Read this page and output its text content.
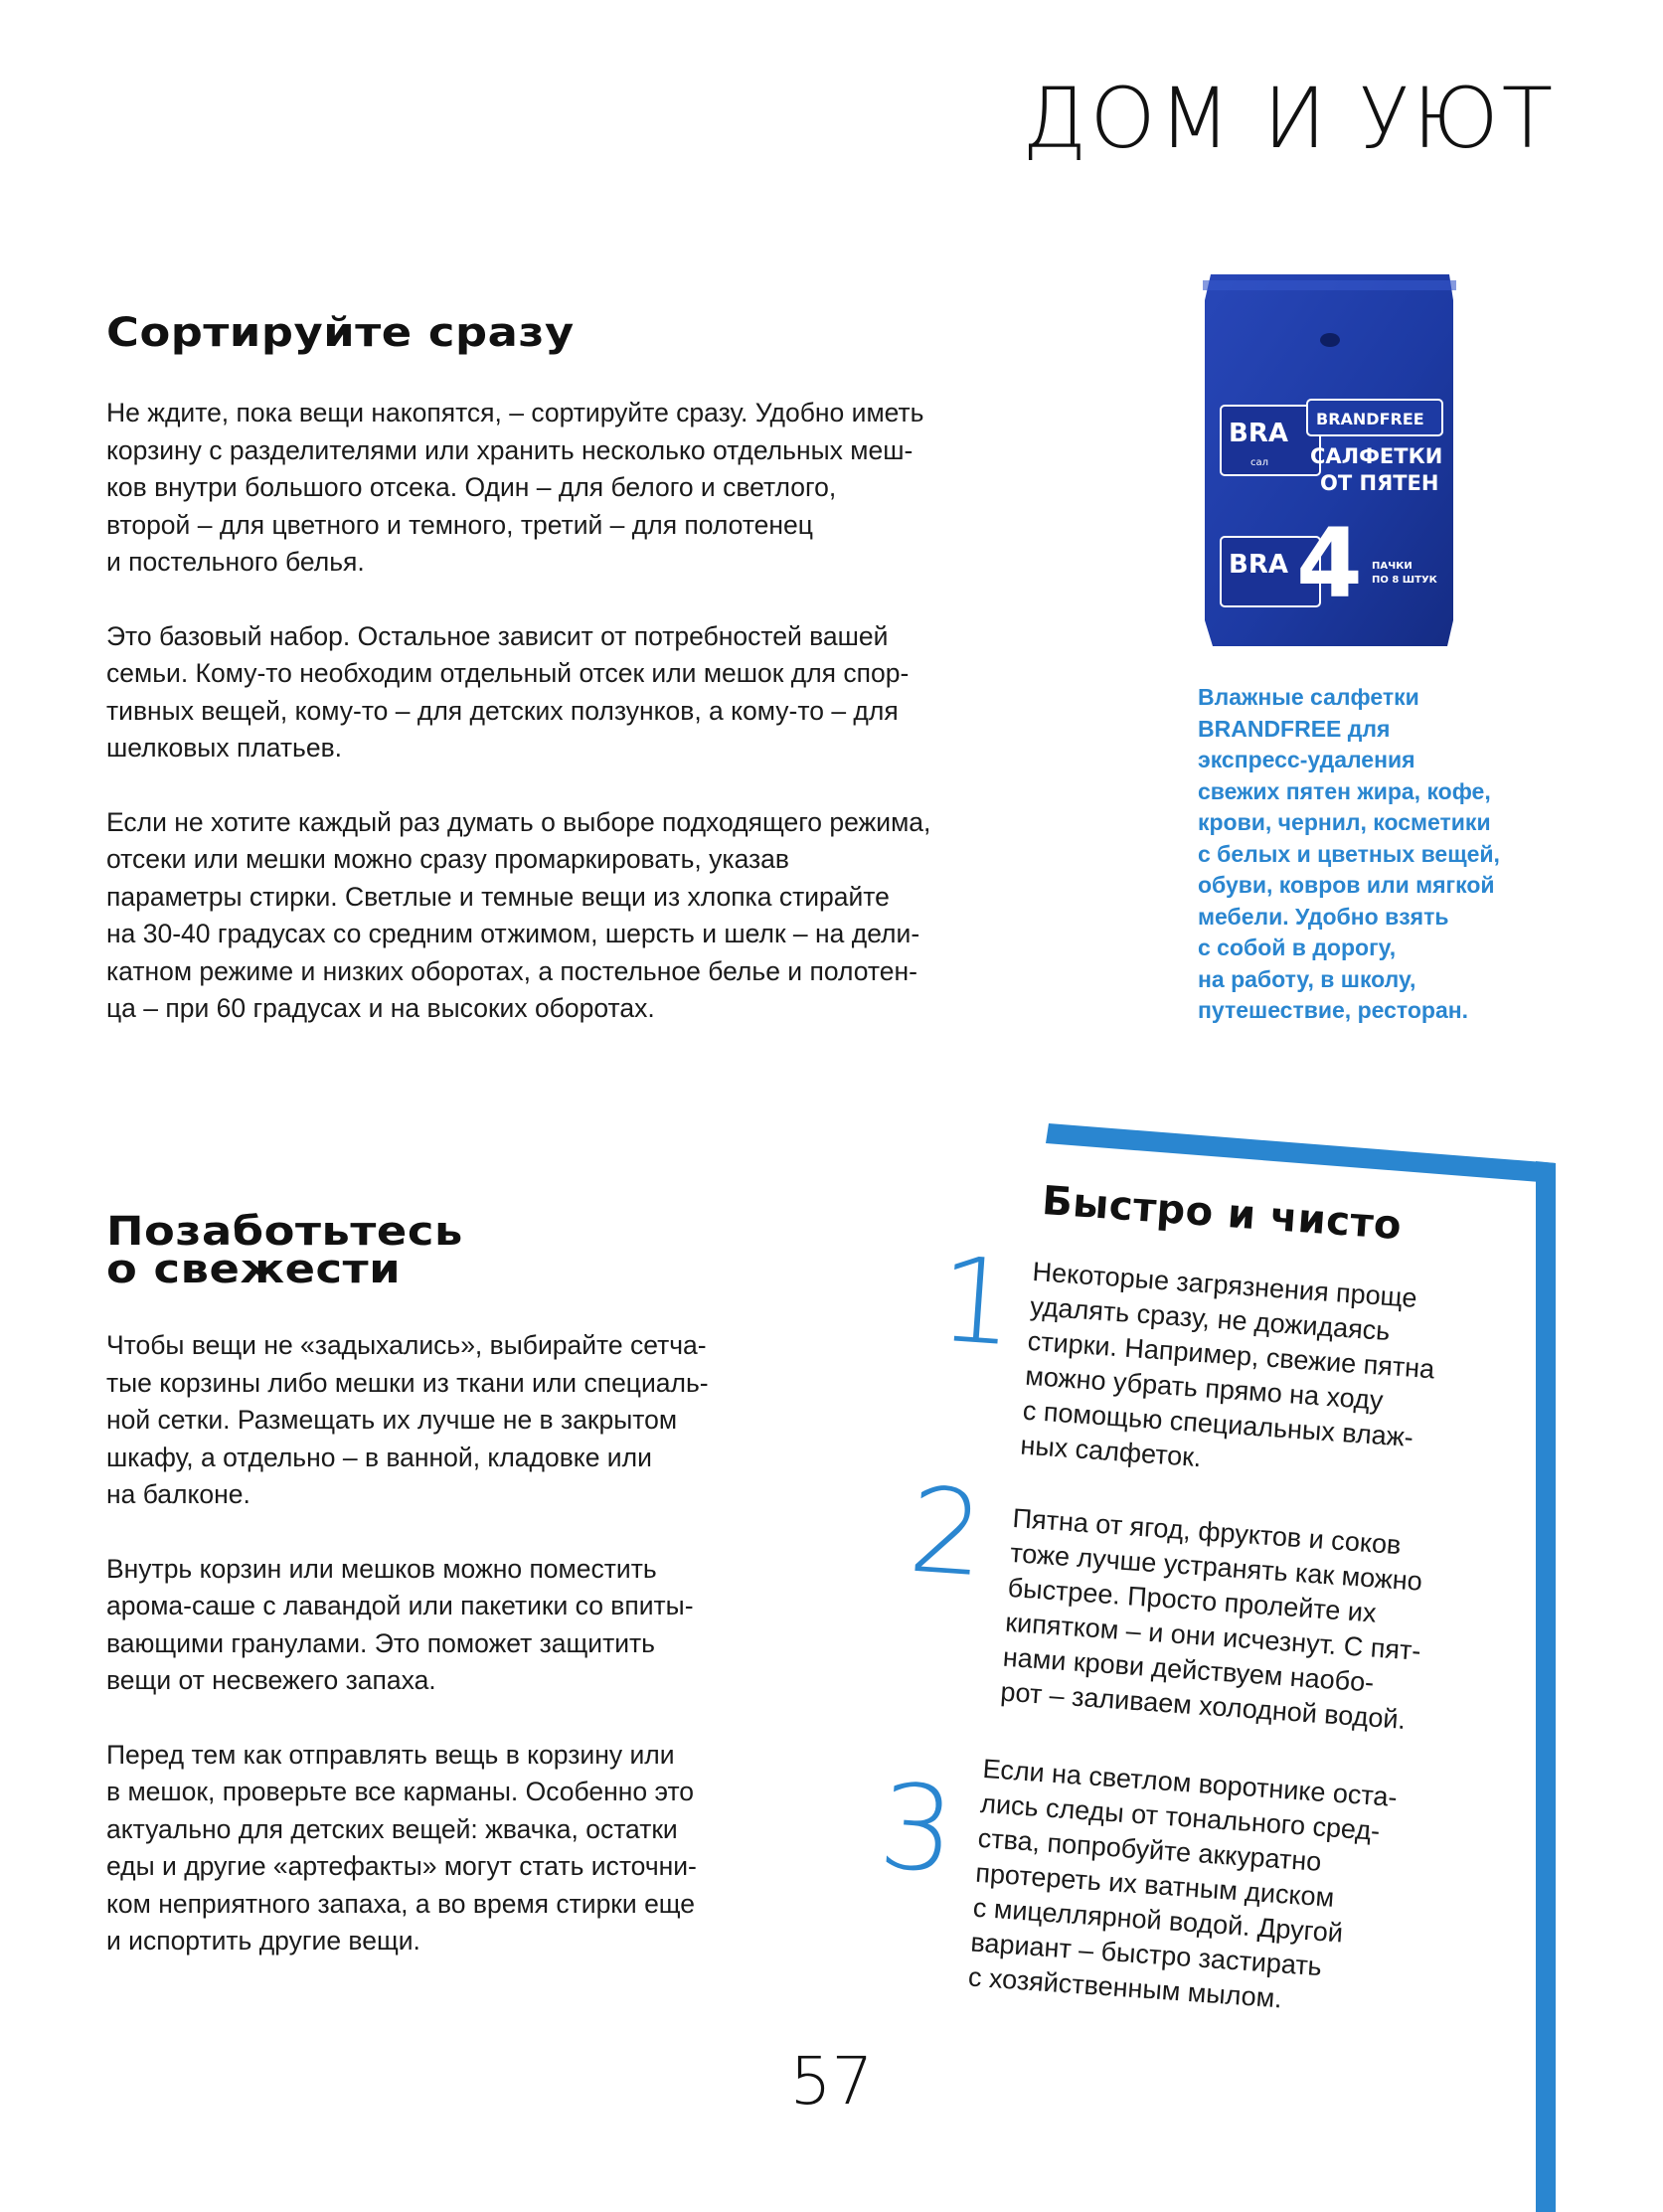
ДОМ И УЮТ
Сортируйте сразу

Не ждите, пока вещи накопятся, – сортируйте сразу. Удобно иметь
корзину с разделителями или хранить несколько отдельных меш-
ков внутри большого отсека. Один – для белого и светлого,
второй – для цветного и темного, третий – для полотенец
и постельного белья.

Это базовый набор. Остальное зависит от потребностей вашей
семьи. Кому-то необходим отдельный отсек или мешок для спор-
тивных вещей, кому-то – для детских ползунков, а кому-то – для
шелковых платьев.

Если не хотите каждый раз думать о выборе подходящего режима,
отсеки или мешки можно сразу промаркировать, указав
параметры стирки. Светлые и темные вещи из хлопка стирайте
на 30-40 градусах со средним отжимом, шерсть и шелк – на дели-
катном режиме и низких оборотах, а постельное белье и полотен-
ца – при 60 градусах и на высоких оборотах.

BRA
сал
BRA
BRANDFREE
САЛФЕТКИ
ОТ ПЯТЕН
4 ПАЧКИ
ПО 8 ШТУК
Влажные салфетки
BRANDFREE для
экспресс-удаления
свежих пятен жира, кофе,
крови, чернил, косметики
с белых и цветных вещей,
обуви, ковров или мягкой
мебели. Удобно взять
с собой в дорогу,
на работу, в школу,
путешествие, ресторан.
Позаботьтесь
о свежести

Чтобы вещи не «задыхались», выбирайте сетча-
тые корзины либо мешки из ткани или специаль-
ной сетки. Размещать их лучше не в закрытом
шкафу, а отдельно – в ванной, кладовке или
на балконе.

Внутрь корзин или мешков можно поместить
арома-саше с лавандой или пакетики со впиты-
вающими гранулами. Это поможет защитить
вещи от несвежего запаха.

Перед тем как отправлять вещь в корзину или
в мешок, проверьте все карманы. Особенно это
актуально для детских вещей: жвачка, остатки
еды и другие «артефакты» могут стать источни-
ком неприятного запаха, а во время стирки еще
и испортить другие вещи.

Быстро и чисто
1 Некоторые загрязнения проще
удалять сразу, не дожидаясь
стирки. Например, свежие пятна
можно убрать прямо на ходу
с помощью специальных влаж-
ных салфеток.
2 Пятна от ягод, фруктов и соков
тоже лучше устранять как можно
быстрее. Просто пролейте их
кипятком – и они исчезнут. С пят-
нами крови действуем наобо-
рот – заливаем холодной водой.
3 Если на светлом воротнике оста-
лись следы от тонального сред-
ства, попробуйте аккуратно
протереть их ватным диском
с мицеллярной водой. Другой
вариант – быстро застирать
с хозяйственным мылом.
57
